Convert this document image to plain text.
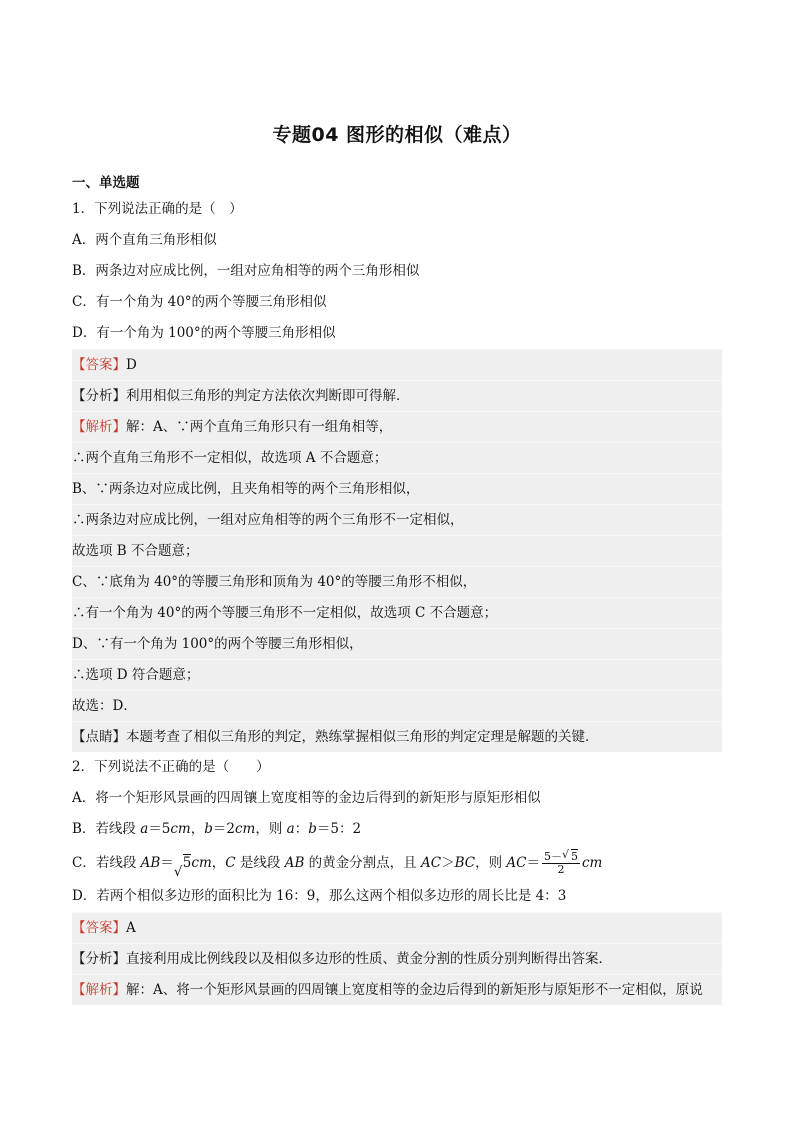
专题04 图形的相似（难点）
一、单选题
1．下列说法正确的是（　）
A．两个直角三角形相似
B．两条边对应成比例，一组对应角相等的两个三角形相似
C．有一个角为 40°的两个等腰三角形相似
D．有一个角为 100°的两个等腰三角形相似
【答案】D
【分析】利用相似三角形的判定方法依次判断即可得解．
【解析】解：A、∵两个直角三角形只有一组角相等，
∴两个直角三角形不一定相似，故选项 A 不合题意；
B、∵两条边对应成比例，且夹角相等的两个三角形相似，
∴两条边对应成比例，一组对应角相等的两个三角形不一定相似，
故选项 B 不合题意；
C、∵底角为 40°的等腰三角形和顶角为 40°的等腰三角形不相似，
∴有一个角为 40°的两个等腰三角形不一定相似，故选项 C 不合题意；
D、∵有一个角为 100°的两个等腰三角形相似，
∴选项 D 符合题意；
故选：D．
【点睛】本题考查了相似三角形的判定，熟练掌握相似三角形的判定定理是解题的关键．
2．下列说法不正确的是（　　）
A．将一个矩形风景画的四周镶上宽度相等的金边后得到的新矩形与原矩形相似
B．若线段 a＝5cm，b＝2cm，则 a：b＝5：2
C．若线段 AB＝ √ 5cm，C 是线段 AB 的黄金分割点，且 AC＞BC，则 $AC= \frac{5- √ 5}{2}$ cm
D．若两个相似多边形的面积比为 16：9，那么这两个相似多边形的周长比是 4：3
【答案】A
【分析】直接利用成比例线段以及相似多边形的性质、黄金分割的性质分别判断得出答案．
【解析】解：A、将一个矩形风景画的四周镶上宽度相等的金边后得到的新矩形与原矩形不一定相似，原说
